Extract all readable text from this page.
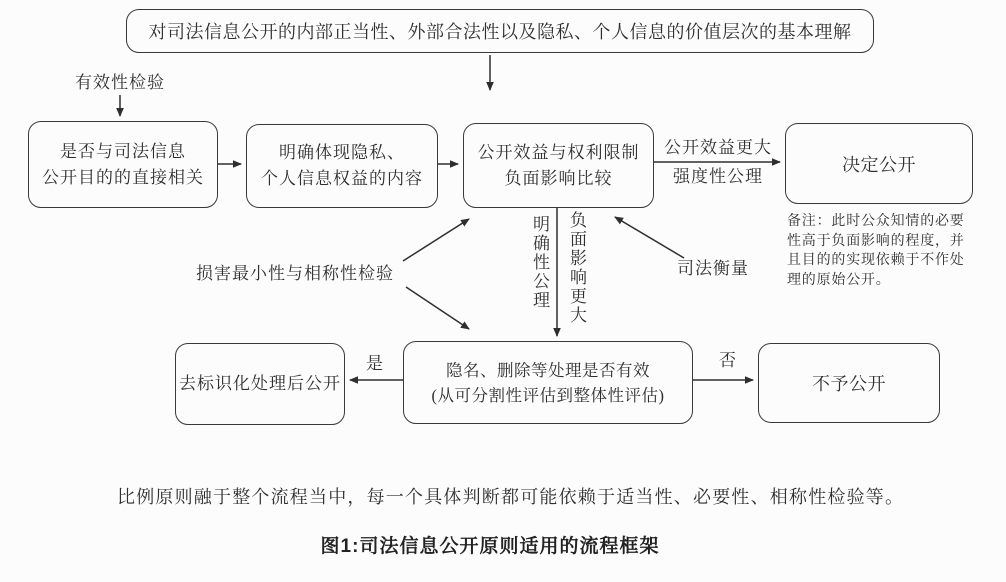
对司法信息公开的内部正当性、外部合法性以及隐私、个人信息的价值层次的基本理解
是否与司法信息
公开目的的直接相关
明确体现隐私、
个人信息权益的内容
公开效益与权利限制
负面影响比较
决定公开
隐名、删除等处理是否有效
(从可分割性评估到整体性评估)
去标识化处理后公开	不予公开
有效性检验
公开效益更大
强度性公理
明确性公理 负面影响更大
损害最小性与相称性检验	司法衡量
是	否
备注：此时公众知情的必要性高于负面影响的程度，并且目的的实现依赖于不作处理的原始公开。
比例原则融于整个流程当中，每一个具体判断都可能依赖于适当性、必要性、相称性检验等。
图1:司法信息公开原则适用的流程框架
